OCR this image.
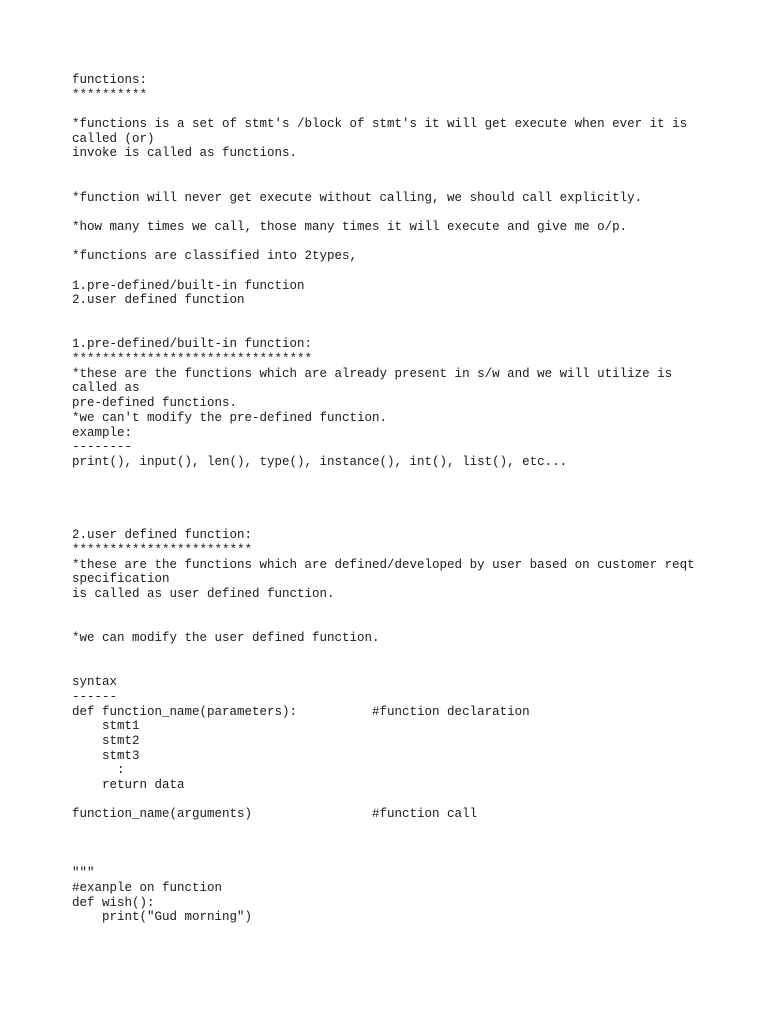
functions:
**********
*functions is a set of stmt's /block of stmt's it will get execute when ever it is
called (or)
invoke is called as functions.
*function will never get execute without calling, we should call explicitly.
*how many times we call, those many times it will execute and give me o/p.
*functions are classified into 2types,
1.pre-defined/built-in function
2.user defined function
1.pre-defined/built-in function:
********************************
*these are the functions which are already present in s/w and we will utilize is
called as
pre-defined functions.
*we can't modify the pre-defined function.
example:
--------
print(), input(), len(), type(), instance(), int(), list(), etc...
2.user defined function:
************************
*these are the functions which are defined/developed by user based on customer reqt
specification
is called as user defined function.
*we can modify the user defined function.
syntax
------
def function_name(parameters):          #function declaration
stmt1
stmt2
stmt3
:
return data
function_name(arguments)                #function call
"""
#exanple on function
def wish():
print("Gud morning")
